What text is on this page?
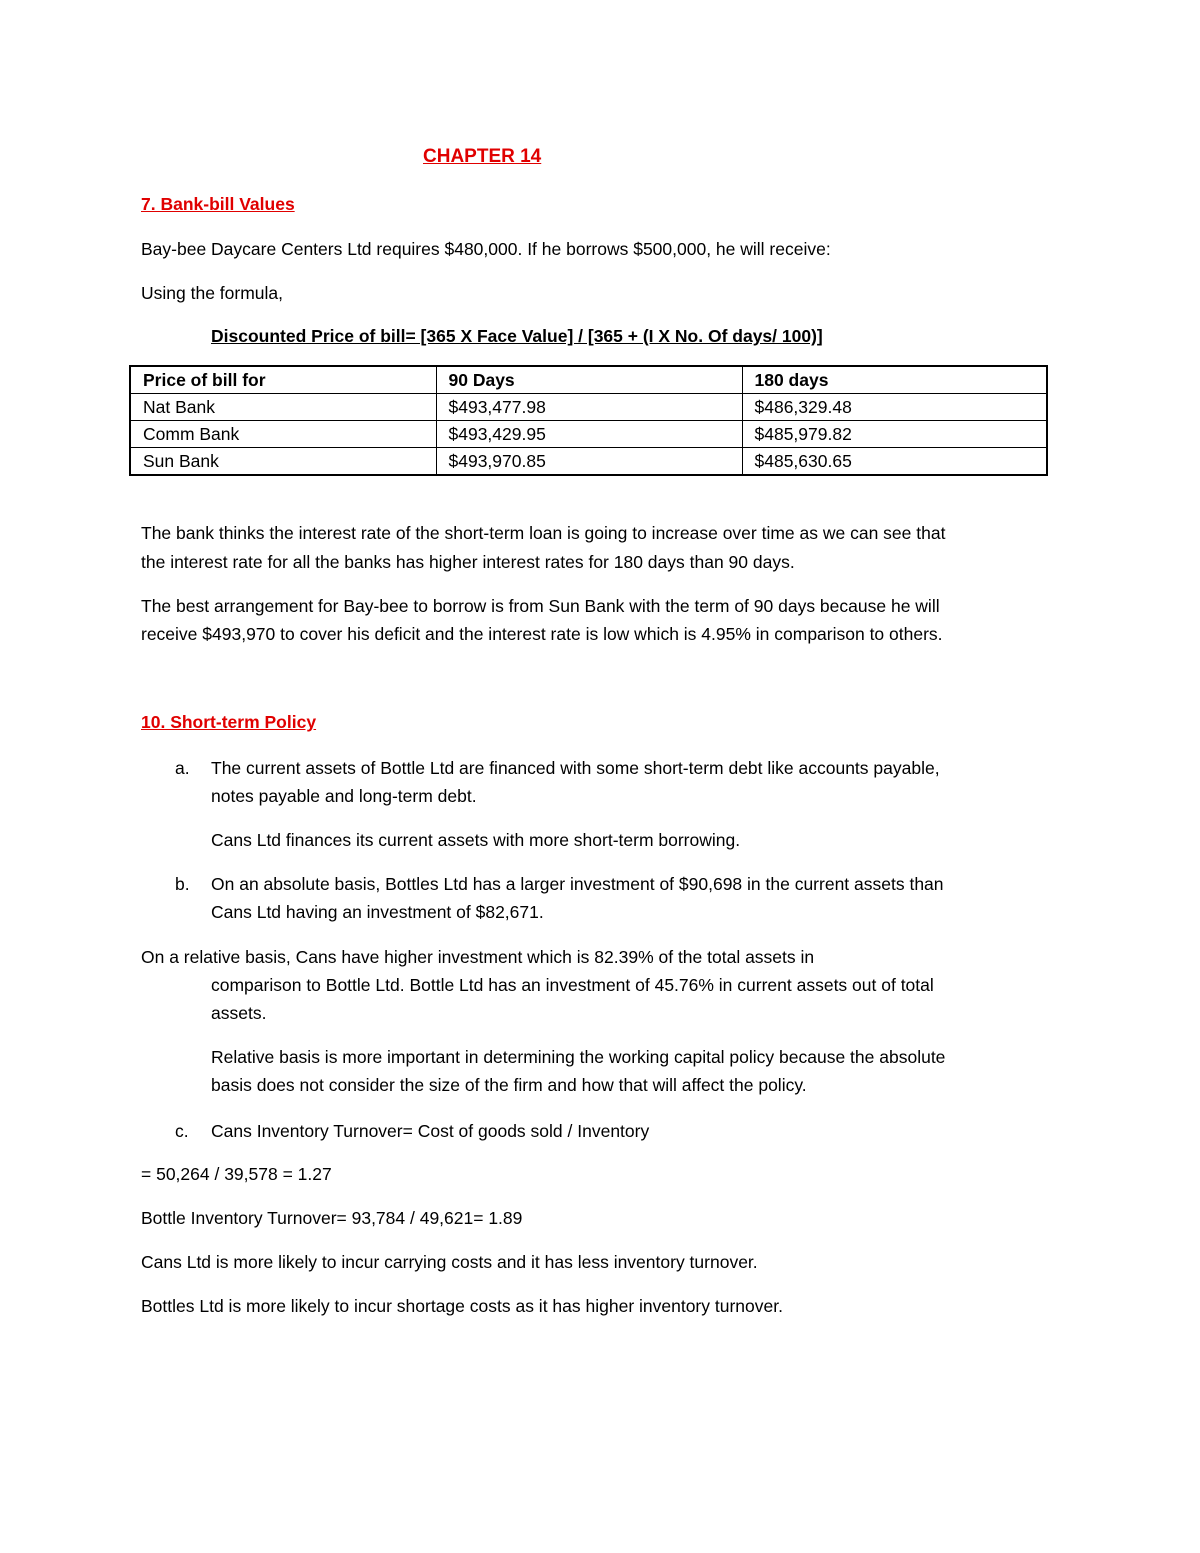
CHAPTER 14
7. Bank-bill Values
Bay-bee Daycare Centers Ltd requires $480,000. If he borrows $500,000, he will receive:
Using the formula,
Discounted Price of bill= [365 X Face Value] / [365 + (I X No. Of days/ 100)]
Price of bill for	90 Days	180 days
Nat Bank	$493,477.98	$486,329.48
Comm Bank	$493,429.95	$485,979.82
Sun Bank	$493,970.85	$485,630.65
The bank thinks the interest rate of the short-term loan is going to increase over time as we can see that
the interest rate for all the banks has higher interest rates for 180 days than 90 days.
The best arrangement for Bay-bee to borrow is from Sun Bank with the term of 90 days because he will
receive $493,970 to cover his deficit and the interest rate is low which is 4.95% in comparison to others.
10. Short-term Policy
a. The current assets of Bottle Ltd are financed with some short-term debt like accounts payable,
notes payable and long-term debt.
Cans Ltd finances its current assets with more short-term borrowing.
b. On an absolute basis, Bottles Ltd has a larger investment of $90,698 in the current assets than
Cans Ltd having an investment of $82,671.
On a relative basis, Cans have higher investment which is 82.39% of the total assets in
comparison to Bottle Ltd. Bottle Ltd has an investment of 45.76% in current assets out of total
assets.
Relative basis is more important in determining the working capital policy because the absolute
basis does not consider the size of the firm and how that will affect the policy.
c. Cans Inventory Turnover= Cost of goods sold / Inventory
= 50,264 / 39,578 = 1.27
Bottle Inventory Turnover= 93,784 / 49,621= 1.89
Cans Ltd is more likely to incur carrying costs and it has less inventory turnover.
Bottles Ltd is more likely to incur shortage costs as it has higher inventory turnover.
